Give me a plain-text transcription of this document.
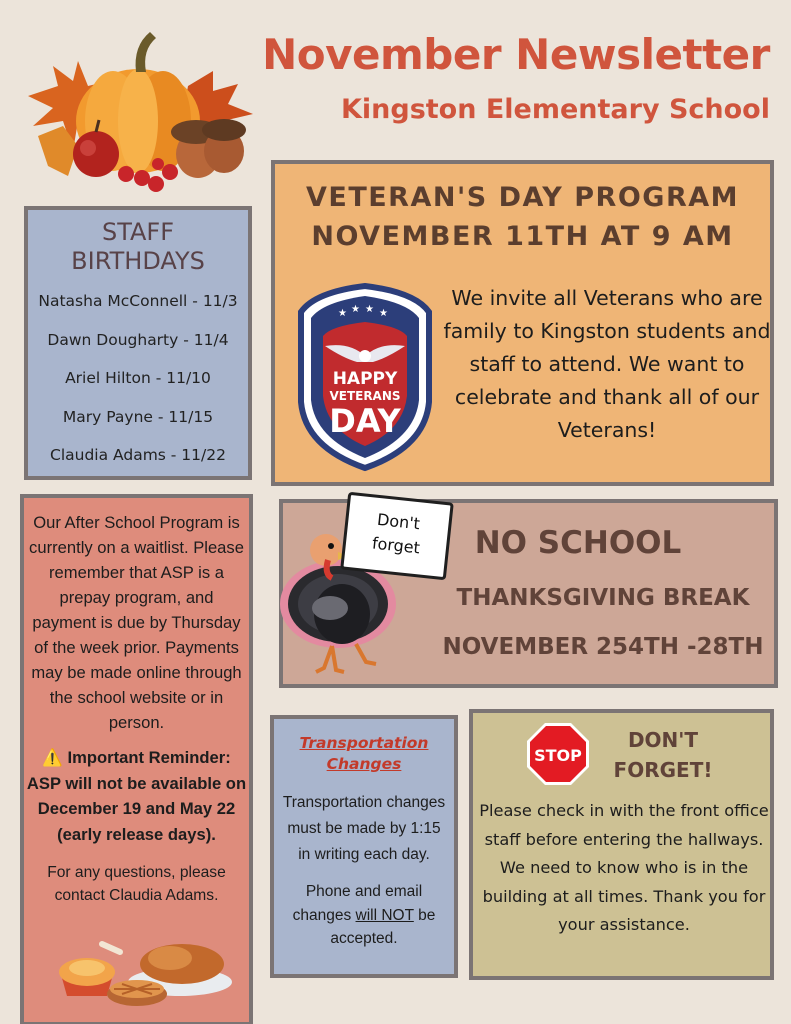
November Newsletter
Kingston Elementary School
STAFF
BIRTHDAYS
Natasha McConnell - 11/3
Dawn Dougharty - 11/4
Ariel Hilton - 11/10
Mary Payne - 11/15
Claudia Adams - 11/22

Our After School Program is currently on a waitlist. Please remember that ASP is a prepay program, and payment is due by Thursday of the week prior. Payments may be made online through the school website or in person.

⚠️ Important Reminder: ASP will not be available on December 19 and May 22 (early release days).

For any questions, please contact Claudia Adams.

VETERAN'S DAY PROGRAM
NOVEMBER 11TH AT 9 AM
★ ★ ★ ★
HAPPY
VETERANS
DAY
We invite all Veterans who are family to Kingston students and staff to attend. We want to celebrate and thank all of our Veterans!
NO SCHOOL
THANKSGIVING BREAK
NOVEMBER 254TH -28TH
Don't
forget
Transportation
Changes

Transportation changes must be made by 1:15 in writing each day.

Phone and email changes will NOT be accepted.

STOP
DON'T
FORGET!
Please check in with the front office staff before entering the hallways. We need to know who is in the building at all times. Thank you for your assistance.
